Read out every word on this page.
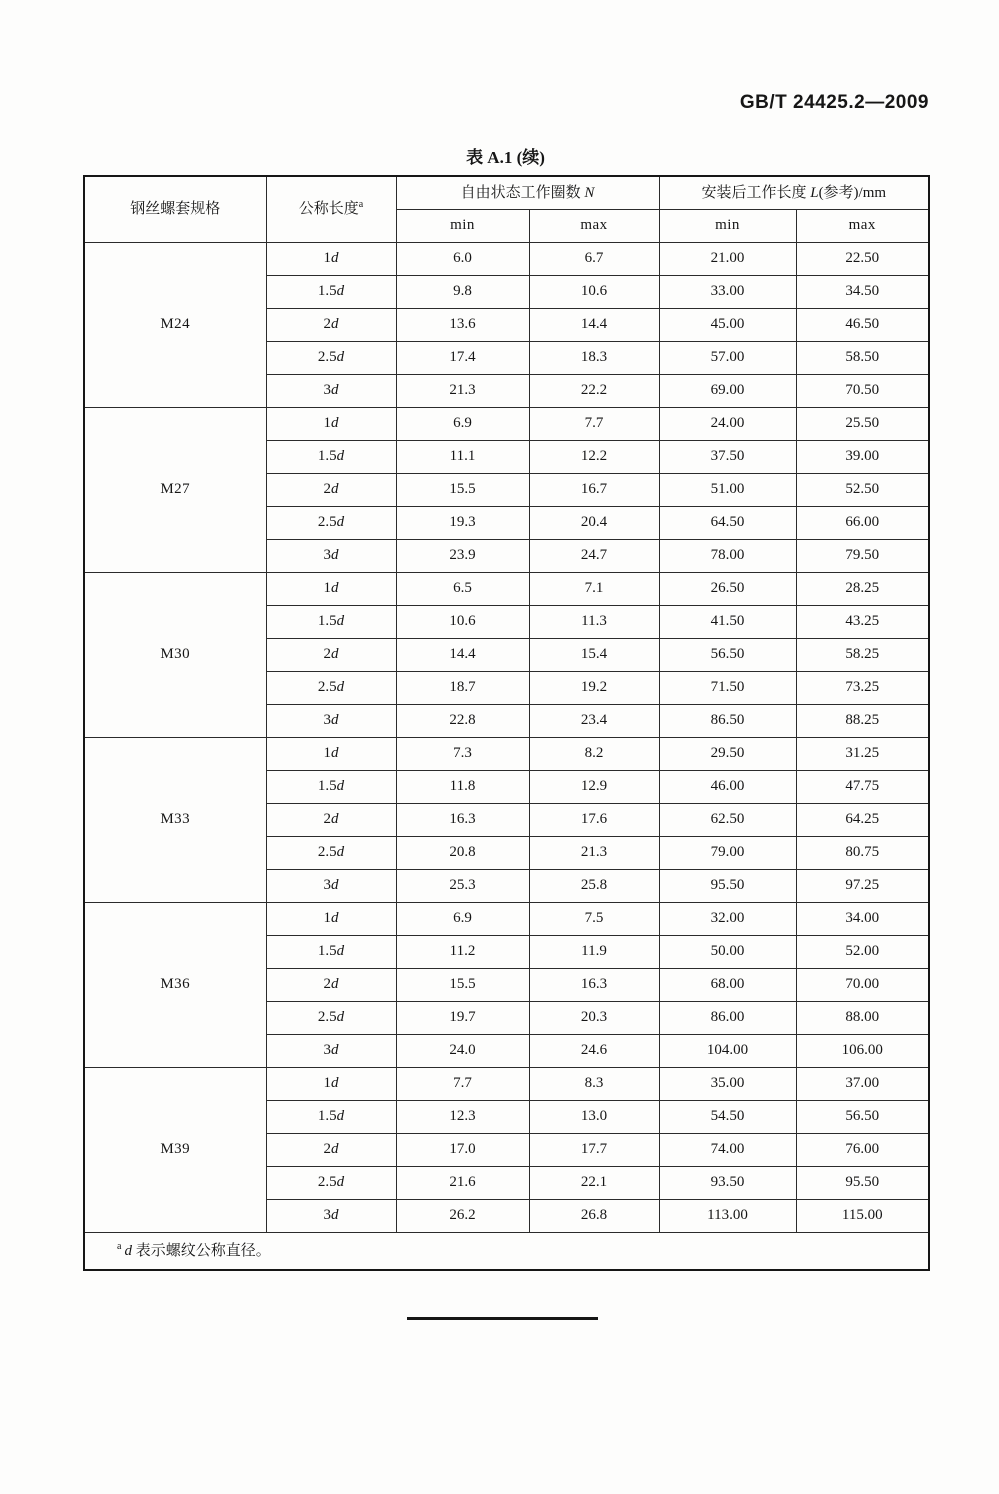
GB/T 24425.2—2009
表 A.1 (续)
钢丝螺套规格	公称长度$^a$	自由状态工作圈数 N		安装后工作长度 L(参考)/mm	
		min	max	min	max
M24	1d	6.0	6.7	21.00	22.50
	1.5d	9.8	10.6	33.00	34.50
	2d	13.6	14.4	45.00	46.50
	2.5d	17.4	18.3	57.00	58.50
	3d	21.3	22.2	69.00	70.50
M27	1d	6.9	7.7	24.00	25.50
	1.5d	11.1	12.2	37.50	39.00
	2d	15.5	16.7	51.00	52.50
	2.5d	19.3	20.4	64.50	66.00
	3d	23.9	24.7	78.00	79.50
M30	1d	6.5	7.1	26.50	28.25
	1.5d	10.6	11.3	41.50	43.25
	2d	14.4	15.4	56.50	58.25
	2.5d	18.7	19.2	71.50	73.25
	3d	22.8	23.4	86.50	88.25
M33	1d	7.3	8.2	29.50	31.25
	1.5d	11.8	12.9	46.00	47.75
	2d	16.3	17.6	62.50	64.25
	2.5d	20.8	21.3	79.00	80.75
	3d	25.3	25.8	95.50	97.25
M36	1d	6.9	7.5	32.00	34.00
	1.5d	11.2	11.9	50.00	52.00
	2d	15.5	16.3	68.00	70.00
	2.5d	19.7	20.3	86.00	88.00
	3d	24.0	24.6	104.00	106.00
M39	1d	7.7	8.3	35.00	37.00
	1.5d	12.3	13.0	54.50	56.50
	2d	17.0	17.7	74.00	76.00
	2.5d	21.6	22.1	93.50	95.50
	3d	26.2	26.8	113.00	115.00
$^a$ d 表示螺纹公称直径。					
